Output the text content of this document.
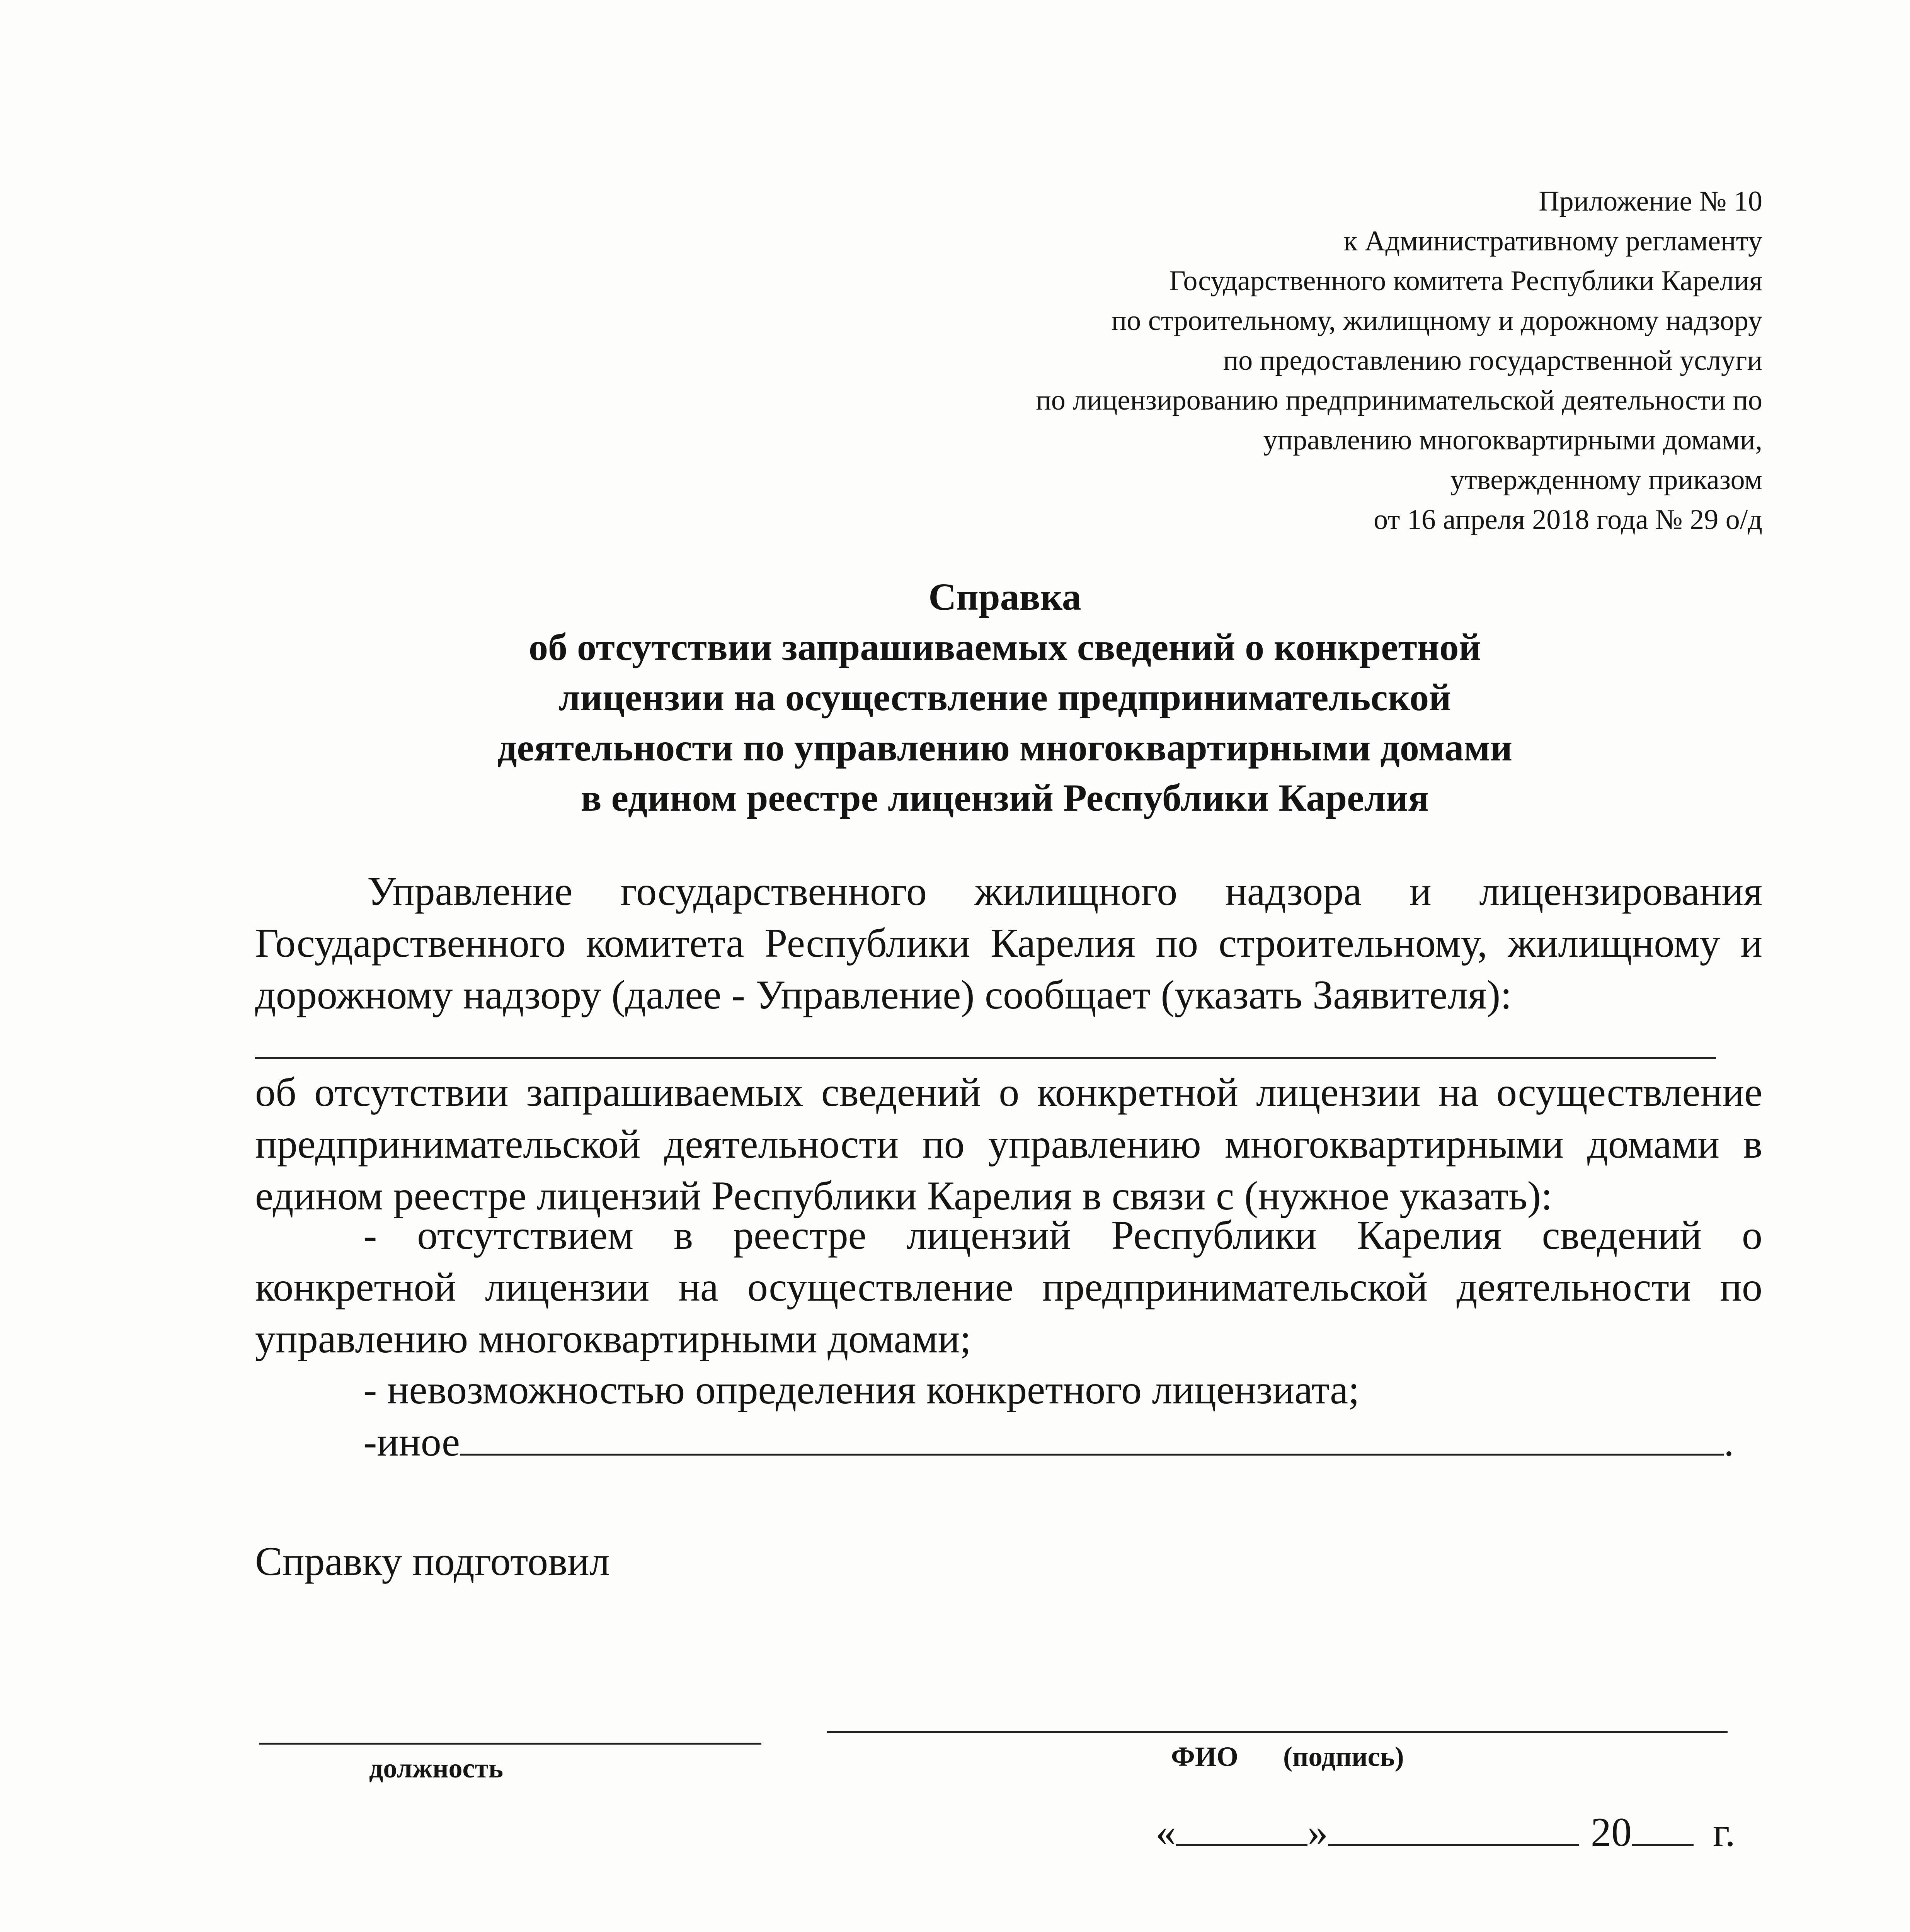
Приложение № 10
к Административному регламенту
Государственного комитета Республики Карелия
по строительному, жилищному и дорожному надзору
по предоставлению государственной услуги
по лицензированию предпринимательской деятельности по
управлению многоквартирными домами,
утвержденному приказом
от 16 апреля 2018 года № 29 о/д
Справка
об отсутствии запрашиваемых сведений о конкретной
лицензии на осуществление предпринимательской
деятельности по управлению многоквартирными домами
в едином реестре лицензий Республики Карелия
Управление государственного жилищного надзора и лицензирования
Государственного комитета Республики Карелия по строительному, жилищному и
дорожному надзору (далее - Управление) сообщает (указать Заявителя):
об отсутствии запрашиваемых сведений о конкретной лицензии на осуществление
предпринимательской деятельности по управлению многоквартирными домами в
едином реестре лицензий Республики Карелия в связи с (нужное указать):
- отсутствием в реестре лицензий Республики Карелия сведений о
конкретной лицензии на осуществление предпринимательской деятельности по
управлению многоквартирными домами;
- невозможностью определения конкретного лицензиата;
-иное	.
Справку подготовил
должность	ФИО (подпись)
«	»	20 г.
